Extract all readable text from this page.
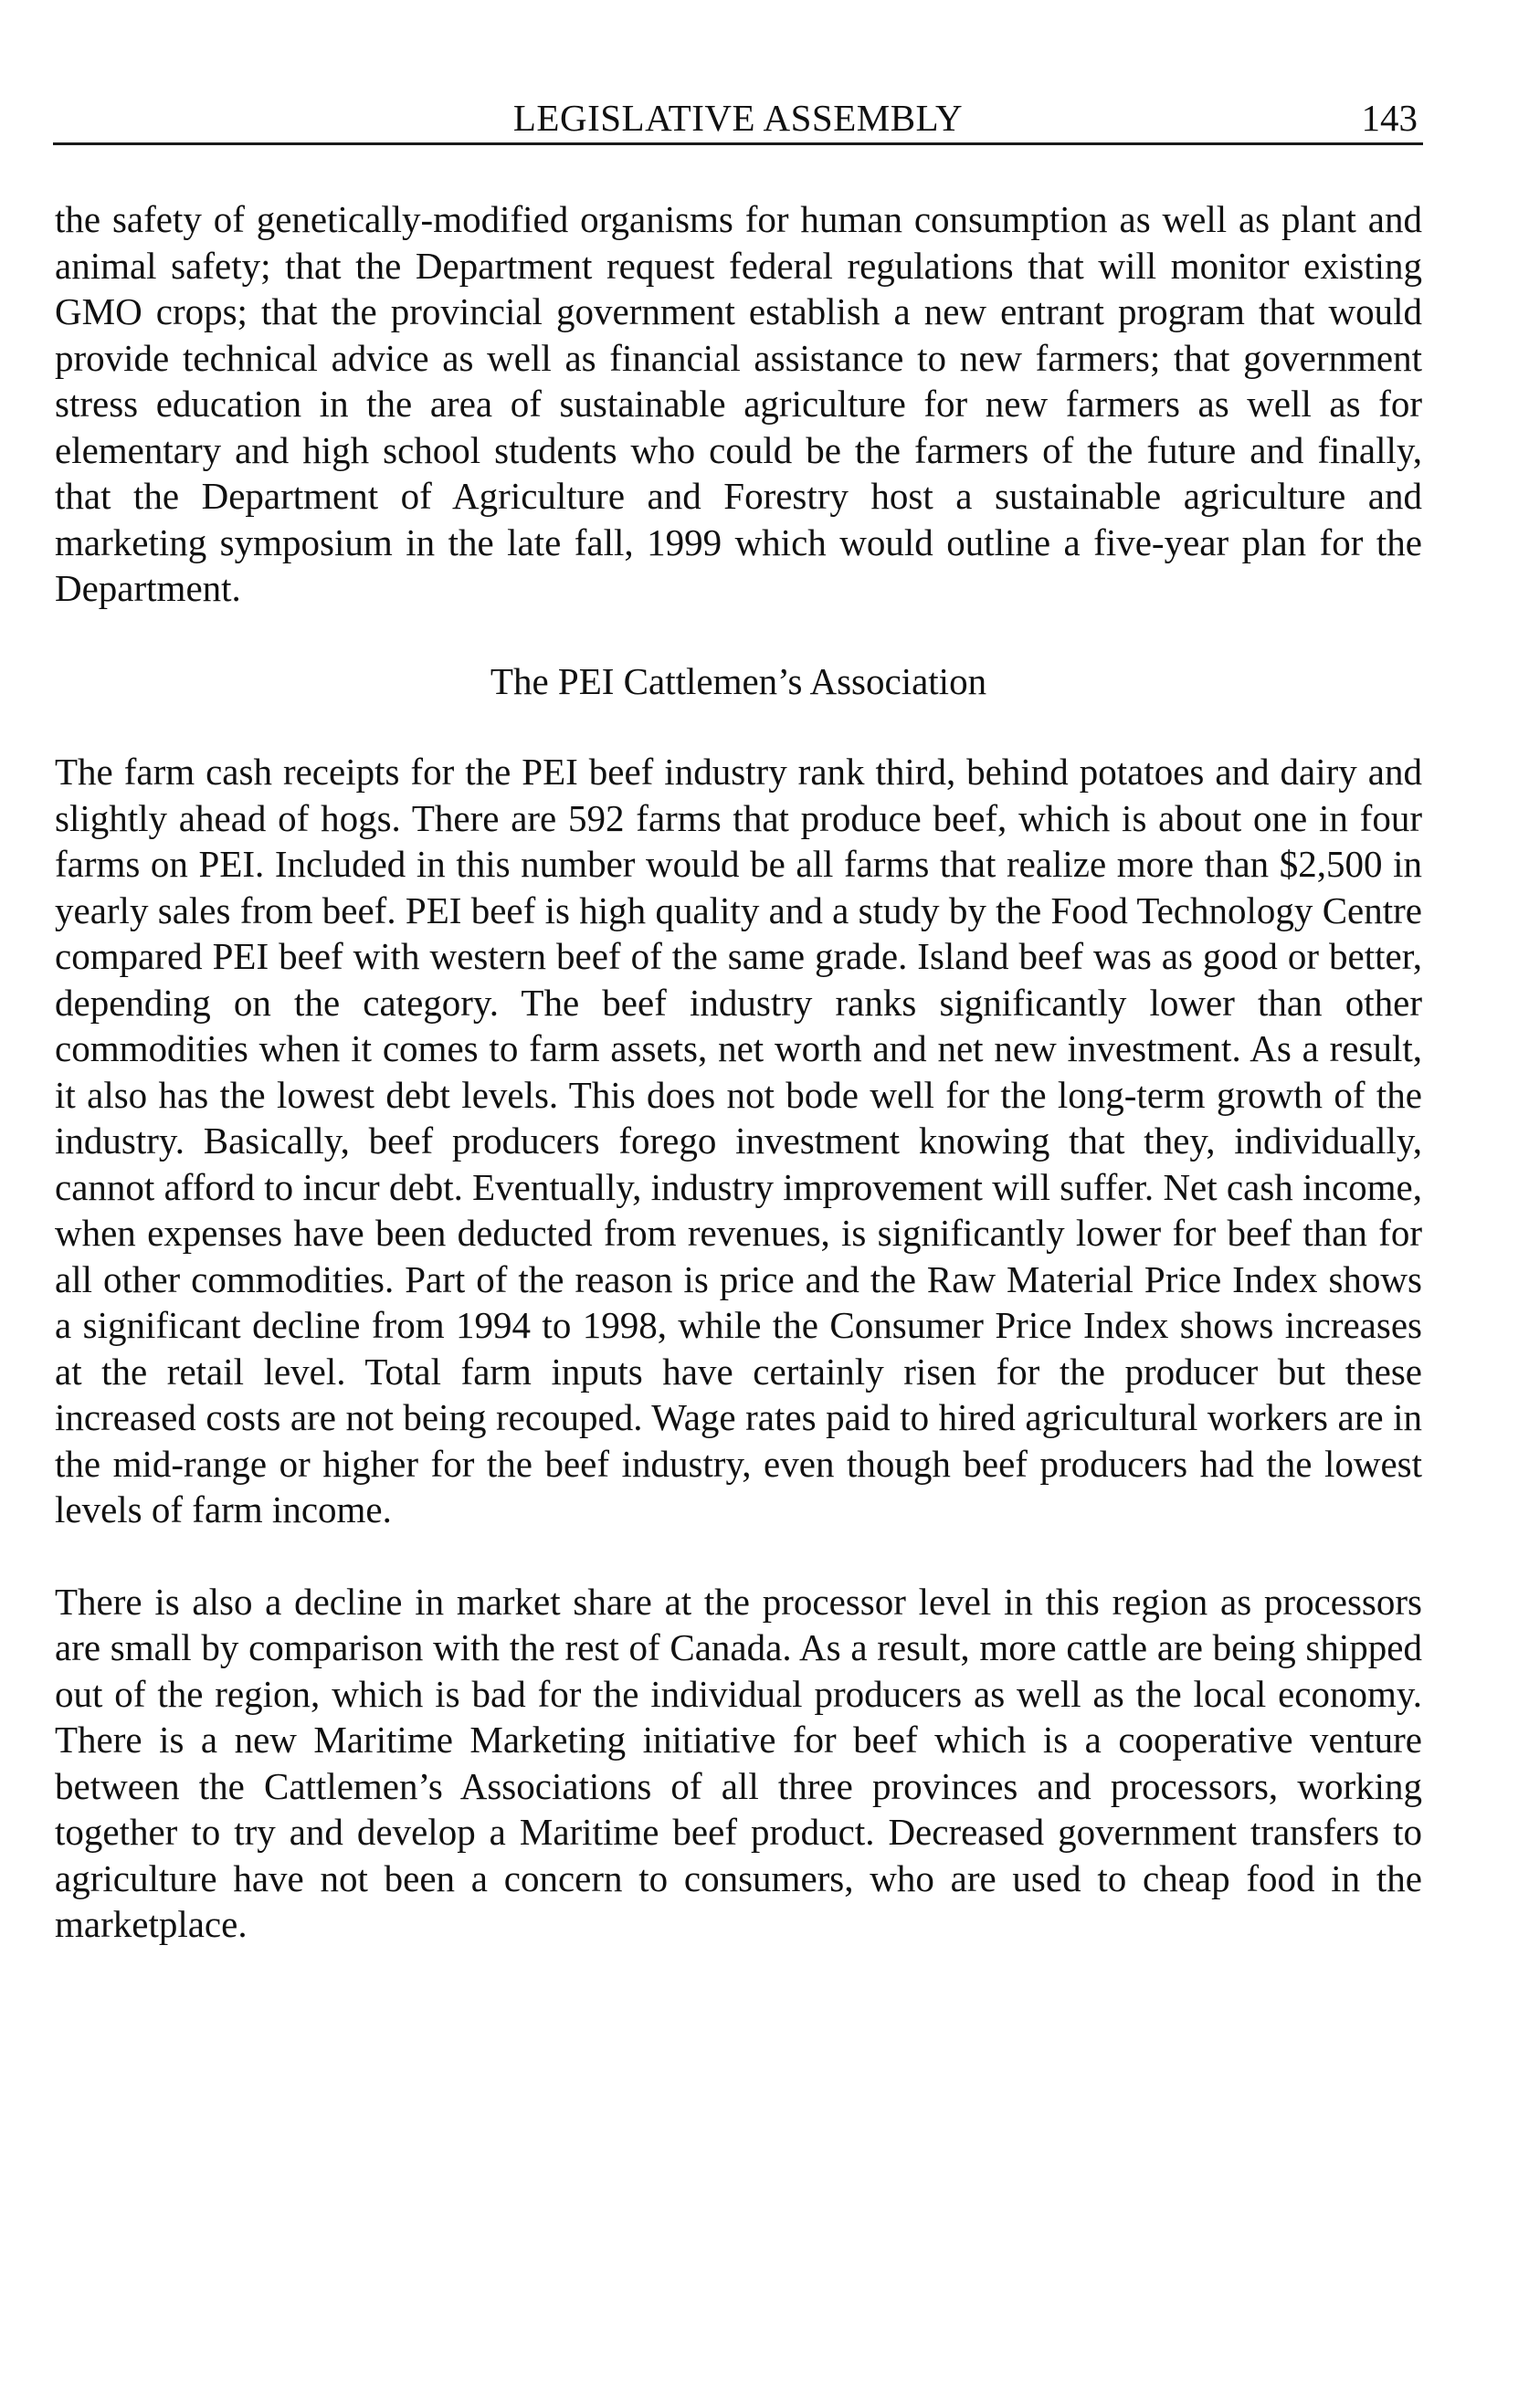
LEGISLATIVE ASSEMBLY	143

the safety of genetically-modified organisms for human consumption as well as plant and animal safety; that the Department request federal regulations that will monitor existing GMO crops; that the provincial government establish a new entrant program that would provide technical advice as well as financial assistance to new farmers; that government stress education in the area of sustainable agriculture for new farmers as well as for elementary and high school students who could be the farmers of the future and finally, that the Department of Agriculture and Forestry host a sustainable agriculture and marketing symposium in the late fall, 1999 which would outline a five-year plan for the Department.

The PEI Cattlemen’s Association

The farm cash receipts for the PEI beef industry rank third, behind potatoes and dairy and slightly ahead of hogs. There are 592 farms that produce beef, which is about one in four farms on PEI. Included in this number would be all farms that realize more than $2,500 in yearly sales from beef. PEI beef is high quality and a study by the Food Technology Centre compared PEI beef with western beef of the same grade. Island beef was as good or better, depending on the category. The beef industry ranks significantly lower than other commodities when it comes to farm assets, net worth and net new investment. As a result, it also has the lowest debt levels. This does not bode well for the long-term growth of the industry. Basically, beef producers forego investment knowing that they, individually, cannot afford to incur debt. Eventually, industry improvement will suffer. Net cash income, when expenses have been deducted from revenues, is significantly lower for beef than for all other commodities. Part of the reason is price and the Raw Material Price Index shows a significant decline from 1994 to 1998, while the Consumer Price Index shows increases at the retail level. Total farm inputs have certainly risen for the producer but these increased costs are not being recouped. Wage rates paid to hired agricultural workers are in the mid-range or higher for the beef industry, even though beef producers had the lowest levels of farm income.

There is also a decline in market share at the processor level in this region as processors are small by comparison with the rest of Canada. As a result, more cattle are being shipped out of the region, which is bad for the individual producers as well as the local economy. There is a new Maritime Marketing initiative for beef which is a cooperative venture between the Cattlemen’s Associations of all three provinces and processors, working together to try and develop a Maritime beef product. Decreased government transfers to agriculture have not been a concern to consumers, who are used to cheap food in the marketplace.
